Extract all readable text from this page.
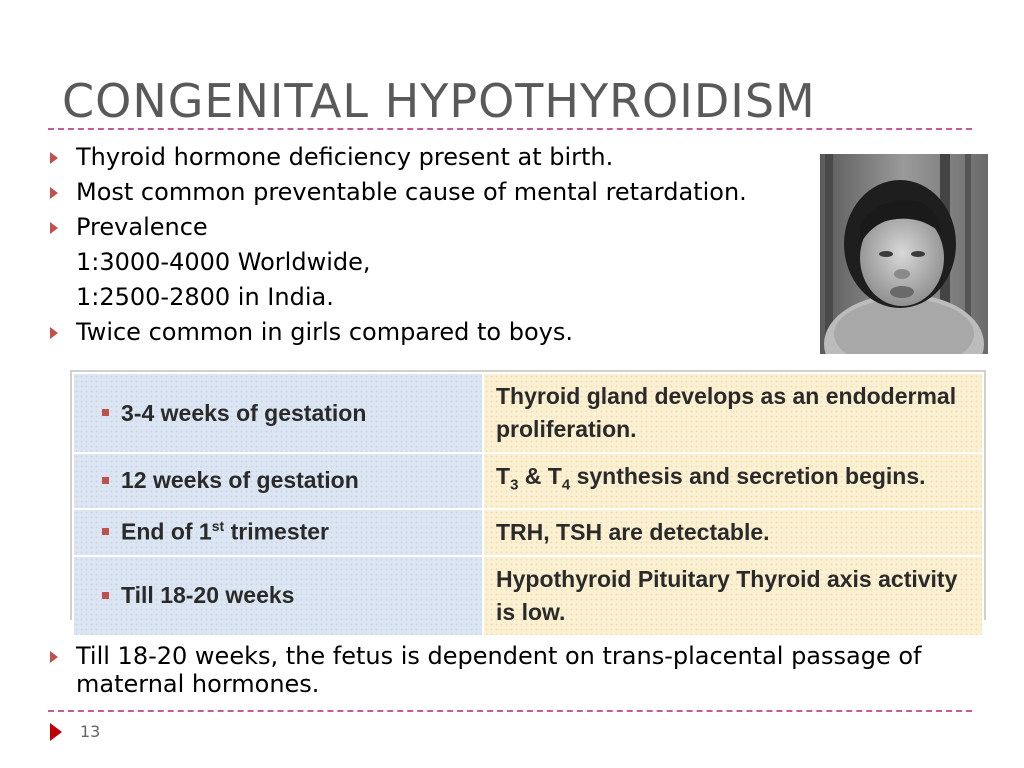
CONGENITAL HYPOTHYROIDISM
Thyroid hormone deficiency present at birth.
Most common preventable cause of mental retardation.
Prevalence
1:3000-4000 Worldwide,
1:2500-2800 in India.
Twice common in girls compared to boys.
3-4 weeks of gestation	Thyroid gland develops as an endodermal proliferation.
12 weeks of gestation	$T_3$ & $T_4$ synthesis and secretion begins.
End of 1st trimester	TRH, TSH are detectable.
Till 18-20 weeks	Hypothyroid Pituitary Thyroid axis activity is low.
Till 18-20 weeks, the fetus is dependent on trans-placental passage of maternal hormones.
13
